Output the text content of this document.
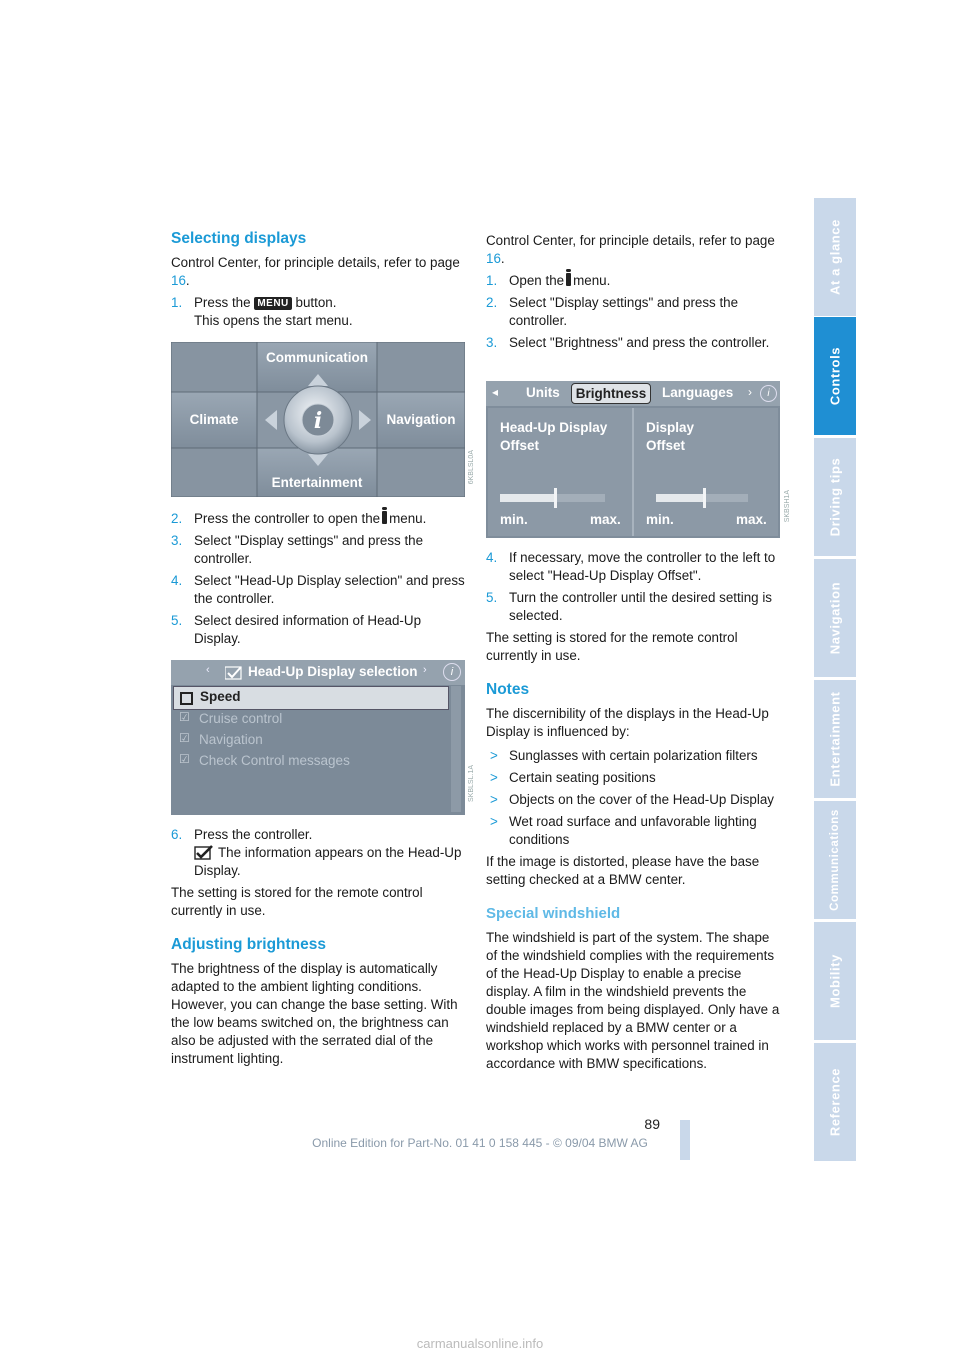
Selecting displays

Control Center, for principle details, refer to page 16.

1. Press the MENU button.
This opens the start menu.
i
Communication
Climate	Navigation
Entertainment	6KBLSL0A
2. Press the controller to open the menu.
3. Select "Display settings" and press the controller.
4. Select "Head-Up Display selection" and press the controller.
5. Select desired information of Head-Up Display.
‹	Head-Up Display selection ›	i
Speed
☑ Cruise control
☑ Navigation
☑ Check Control messages
SKBLSL.1A
6. Press the controller.
The information appears on the Head-Up Display.

The setting is stored for the remote control currently in use.

Adjusting brightness

The brightness of the display is automatically adapted to the ambient lighting conditions. However, you can change the base setting. With the low beams switched on, the brightness can also be adjusted with the serrated dial of the instrument lighting.

Control Center, for principle details, refer to page 16.

1. Open the menu.
2. Select "Display settings" and press the controller.
3. Select "Brightness" and press the controller.
◂ Units	Brightness	Languages ›	i
Head-Up Display
Offset
min.	max.
Display
Offset
min.	max. SKBSH1A
4. If necessary, move the controller to the left to select "Head-Up Display Offset".
5. Turn the controller until the desired setting is selected.

The setting is stored for the remote control currently in use.

Notes

The discernibility of the displays in the Head-Up Display is influenced by:

> Sunglasses with certain polarization filters
> Certain seating positions
> Objects on the cover of the Head-Up Display
> Wet road surface and unfavorable lighting conditions

If the image is distorted, please have the base setting checked at a BMW center.

Special windshield

The windshield is part of the system. The shape of the windshield complies with the requirements of the Head-Up Display to enable a precise display. A film in the windshield prevents the double images from being displayed. Only have a windshield replaced by a BMW center or a workshop which works with personnel trained in accordance with BMW specifications.

At a glance
Controls
Driving tips
Navigation
Entertainment
Communications
Mobility
Reference
89
Online Edition for Part-No. 01 41 0 158 445 - © 09/04 BMW AG
carmanualsonline.info
